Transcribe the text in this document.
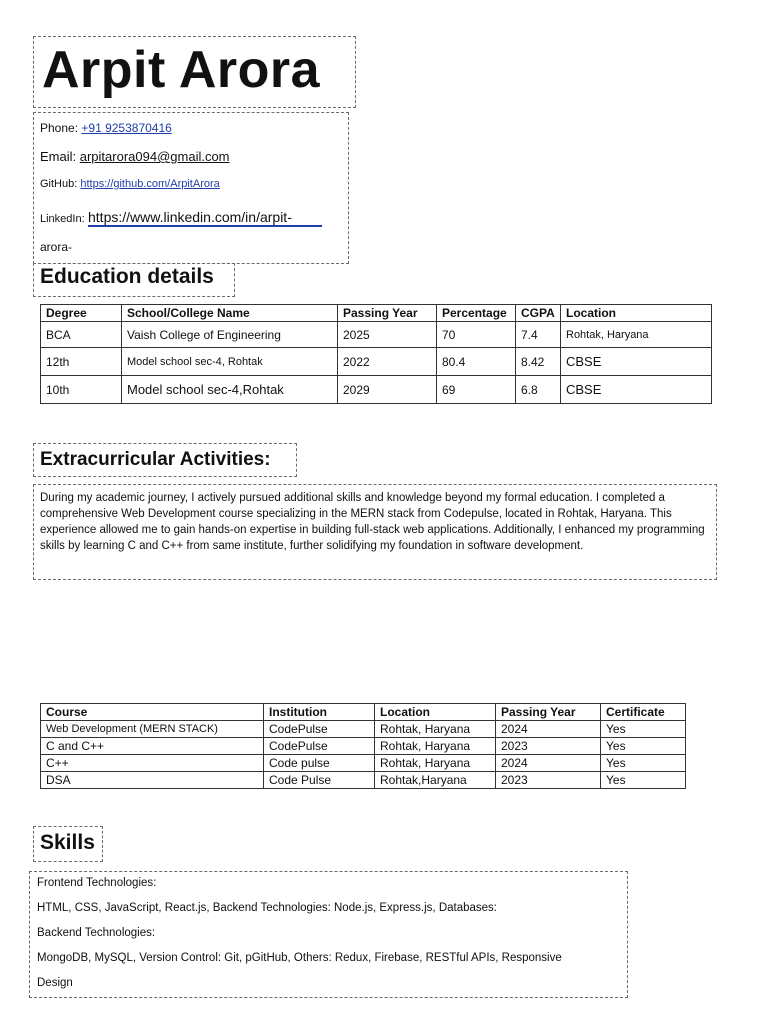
Arpit Arora
Phone: +91 9253870416
Email: arpitarora094@gmail.com
GitHub: https://github.com/ArpitArora
LinkedIn: https://www.linkedin.com/in/arpit-
arora-
Education details
Degree	School/College Name	Passing Year	Percentage	CGPA	Location
BCA	Vaish College of Engineering	2025	70	7.4	Rohtak, Haryana
12th	Model school sec-4, Rohtak	2022	80.4	8.42	CBSE
10th	Model school sec-4,Rohtak	2029	69	6.8	CBSE
Extracurricular Activities:
During my academic journey, I actively pursued additional skills and knowledge beyond my formal education. I completed a comprehensive Web Development course specializing in the MERN stack from Codepulse, located in Rohtak, Haryana. This experience allowed me to gain hands-on expertise in building full-stack web applications. Additionally, I enhanced my programming skills by learning C and C++ from same institute, further solidifying my foundation in software development.
Course	Institution	Location	Passing Year	Certificate
Web Development (MERN STACK)	CodePulse	Rohtak, Haryana	2024	Yes
C and C++	CodePulse	Rohtak, Haryana	2023	Yes
C++	Code pulse	Rohtak, Haryana	2024	Yes
DSA	Code Pulse	Rohtak,Haryana	2023	Yes
Skills
Frontend Technologies:
HTML, CSS, JavaScript, React.js, Backend Technologies: Node.js, Express.js, Databases:
Backend Technologies:
MongoDB, MySQL, Version Control: Git, pGitHub, Others: Redux, Firebase, RESTful APIs, Responsive
Design
